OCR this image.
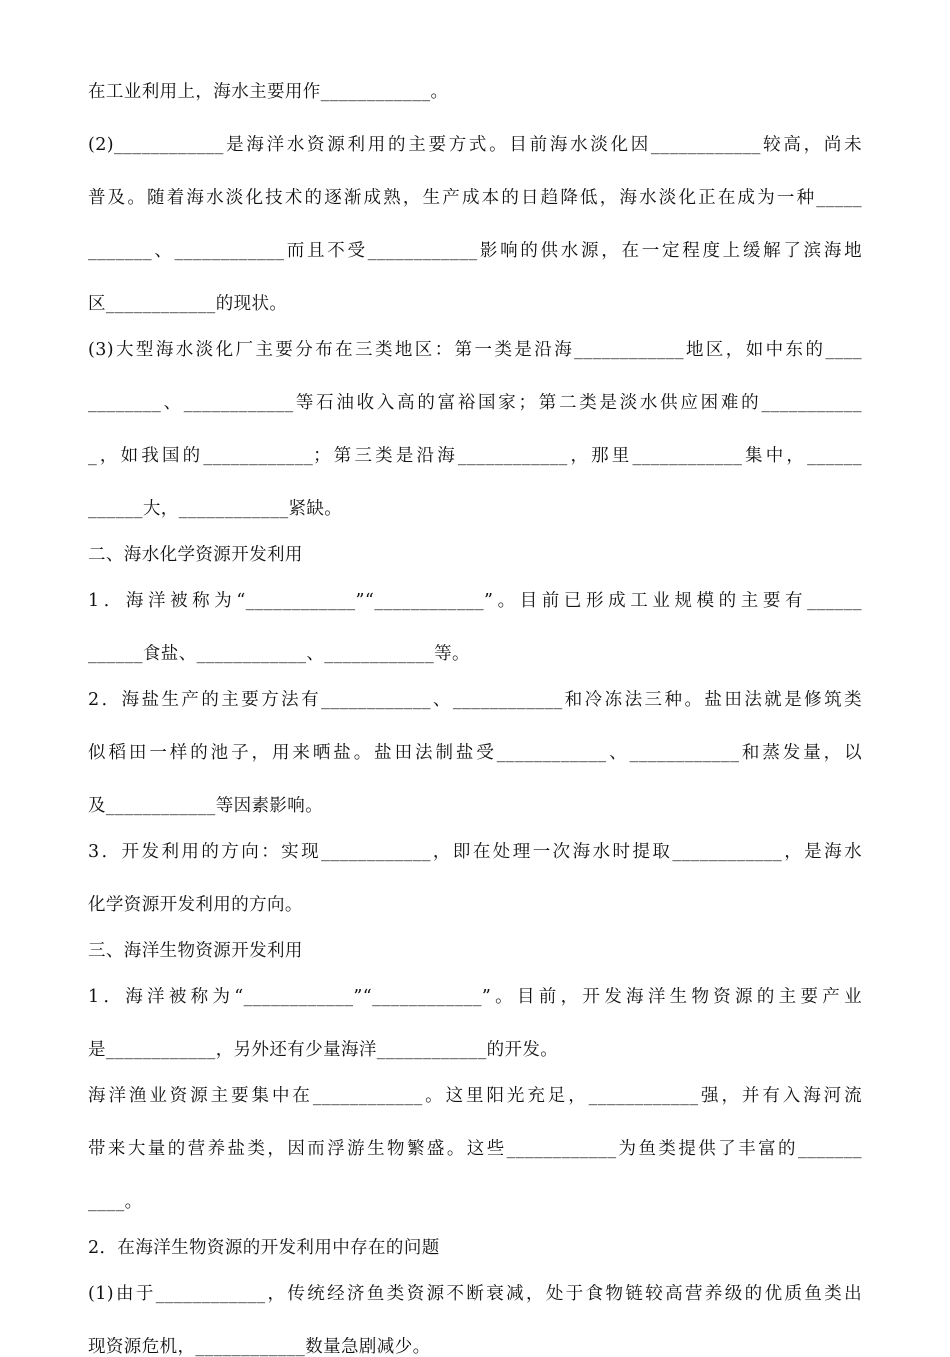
在工业利用上，海水主要用作____________。
(2)____________是海洋水资源利用的主要方式。目前海水淡化因____________较高，尚未
普及。随着海水淡化技术的逐渐成熟，生产成本的日趋降低，海水淡化正在成为一种_____
_______、____________而且不受____________影响的供水源，在一定程度上缓解了滨海地
区____________的现状。
(3)大型海水淡化厂主要分布在三类地区：第一类是沿海____________地区，如中东的____
________、____________等石油收入高的富裕国家；第二类是淡水供应困难的___________
_，如我国的____________；第三类是沿海____________，那里____________集中，______
______大，____________紧缺。
二、海水化学资源开发利用
1．海洋被称为“____________”“____________”。目前已形成工业规模的主要有______
______食盐、____________、____________等。
2．海盐生产的主要方法有____________、____________和冷冻法三种。盐田法就是修筑类
似稻田一样的池子，用来晒盐。盐田法制盐受____________、____________和蒸发量，以
及____________等因素影响。
3．开发利用的方向：实现____________，即在处理一次海水时提取____________，是海水
化学资源开发利用的方向。
三、海洋生物资源开发利用
1．海洋被称为“____________”“____________”。目前，开发海洋生物资源的主要产业
是____________，另外还有少量海洋____________的开发。
海洋渔业资源主要集中在____________。这里阳光充足，____________强，并有入海河流
带来大量的营养盐类，因而浮游生物繁盛。这些____________为鱼类提供了丰富的_______
____。
2．在海洋生物资源的开发利用中存在的问题
(1)由于____________，传统经济鱼类资源不断衰减，处于食物链较高营养级的优质鱼类出
现资源危机，____________数量急剧减少。
